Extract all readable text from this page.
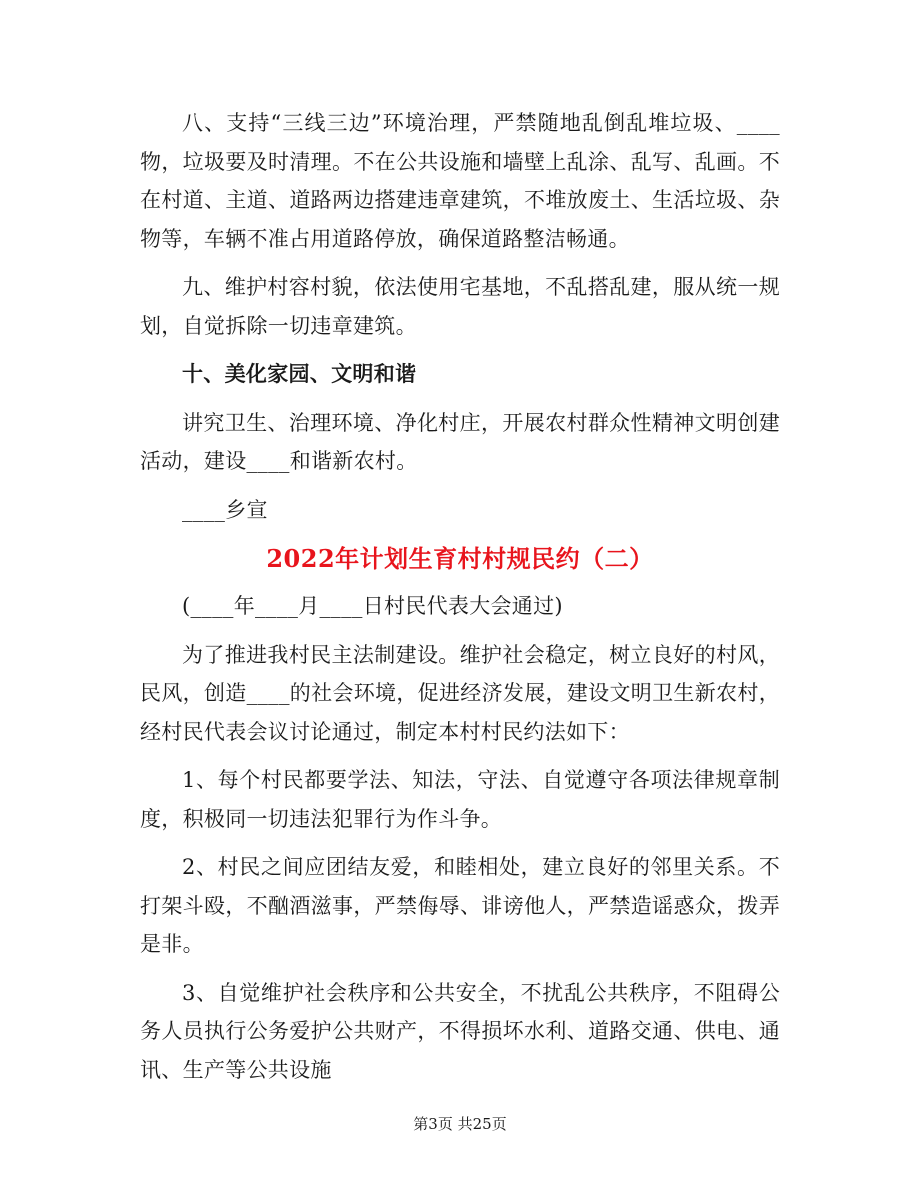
八、支持“三线三边”环境治理，严禁随地乱倒乱堆垃圾、____物，垃圾要及时清理。不在公共设施和墙壁上乱涂、乱写、乱画。不在村道、主道、道路两边搭建违章建筑，不堆放废土、生活垃圾、杂物等，车辆不准占用道路停放，确保道路整洁畅通。

九、维护村容村貌，依法使用宅基地，不乱搭乱建，服从统一规划，自觉拆除一切违章建筑。

十、美化家园、文明和谐

讲究卫生、治理环境、净化村庄，开展农村群众性精神文明创建活动，建设____和谐新农村。

____乡宣

2022年计划生育村村规民约（二）

(____年____月____日村民代表大会通过)

为了推进我村民主法制建设。维护社会稳定，树立良好的村风，民风，创造____的社会环境，促进经济发展，建设文明卫生新农村，经村民代表会议讨论通过，制定本村村民约法如下：

1、每个村民都要学法、知法，守法、自觉遵守各项法律规章制度，积极同一切违法犯罪行为作斗争。

2、村民之间应团结友爱，和睦相处，建立良好的邻里关系。不打架斗殴，不酗酒滋事，严禁侮辱、诽谤他人，严禁造谣惑众，拨弄是非。

3、自觉维护社会秩序和公共安全，不扰乱公共秩序，不阻碍公务人员执行公务爱护公共财产，不得损坏水利、道路交通、供电、通讯、生产等公共设施

第3页 共25页
